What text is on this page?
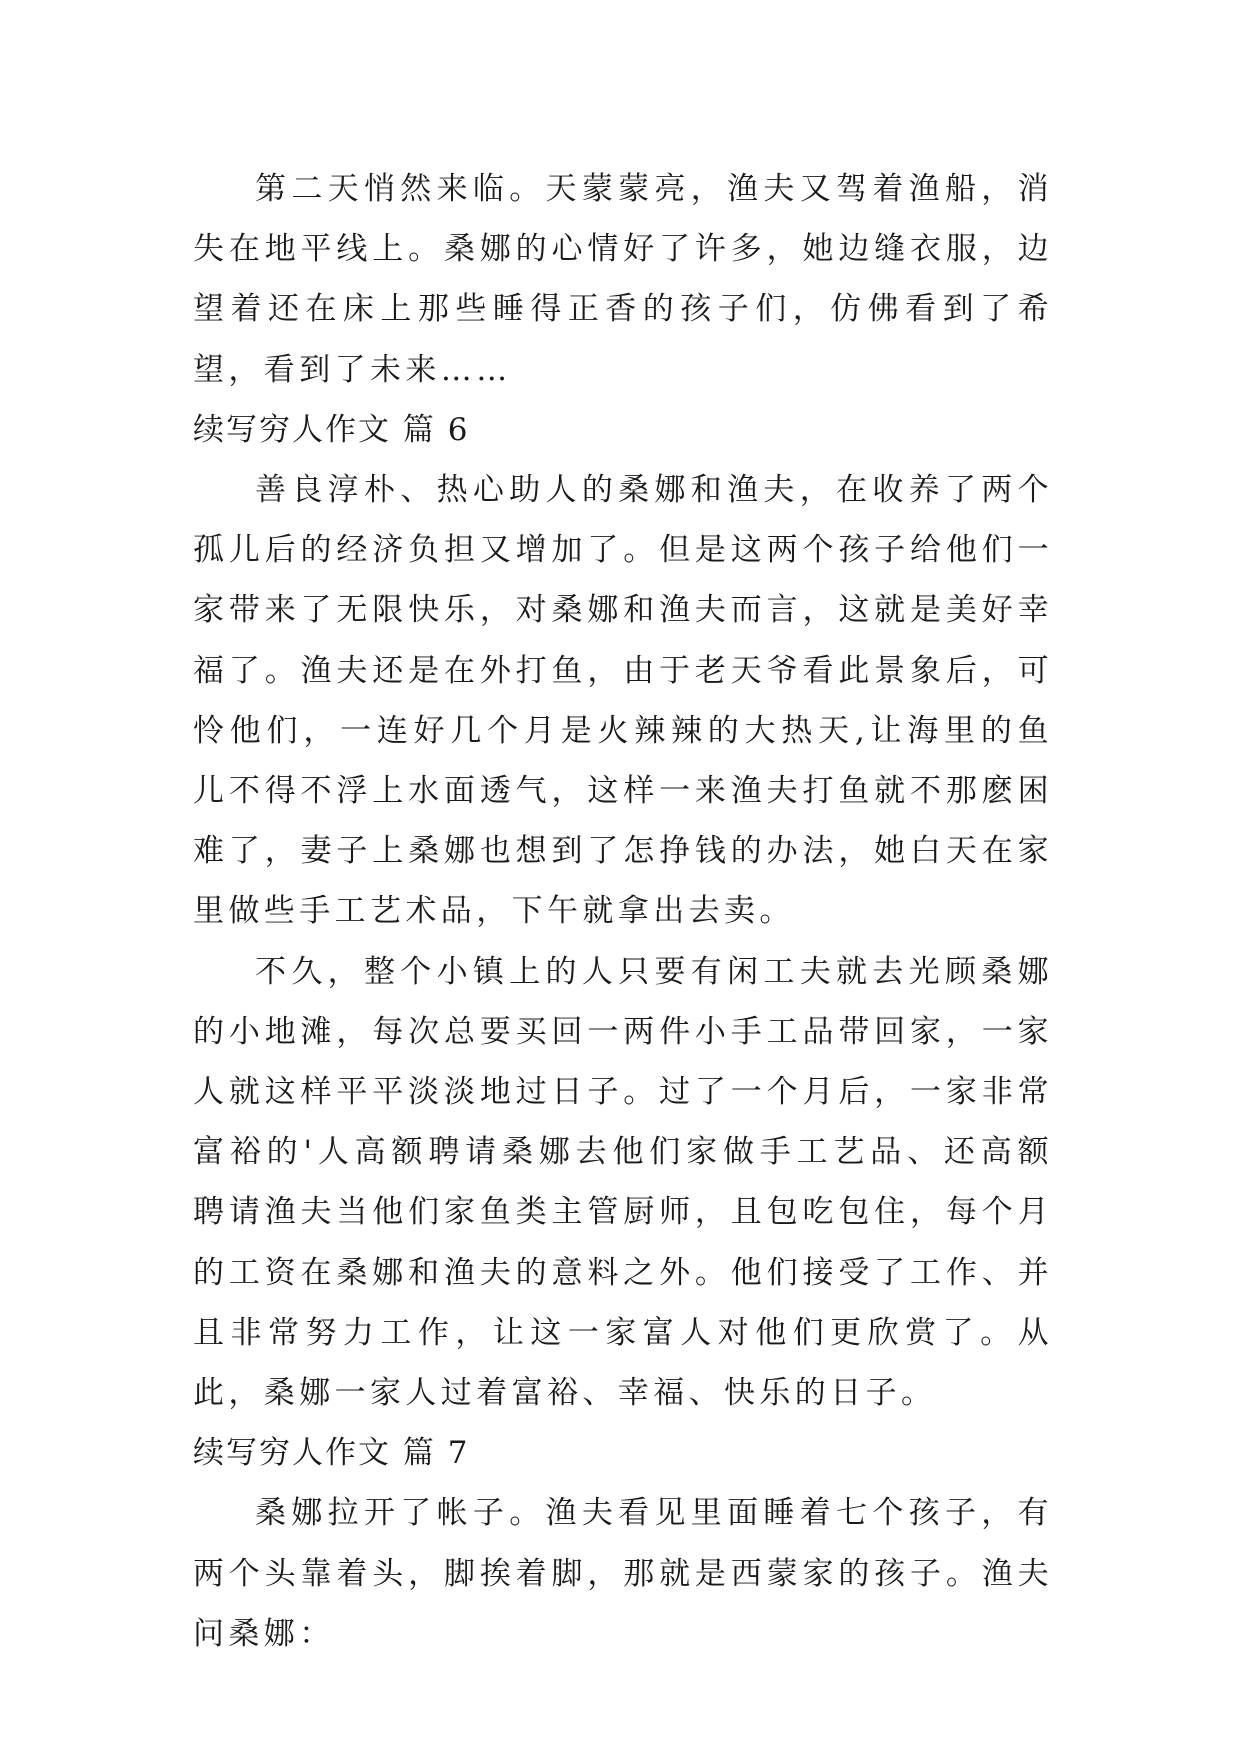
第二天悄然来临。天蒙蒙亮，渔夫又驾着渔船，消失在地平线上。桑娜的心情好了许多，她边缝衣服，边望着还在床上那些睡得正香的孩子们，仿佛看到了希望，看到了未来……

续写穷人作文 篇 6

善良淳朴、热心助人的桑娜和渔夫，在收养了两个孤儿后的经济负担又增加了。但是这两个孩子给他们一家带来了无限快乐，对桑娜和渔夫而言，这就是美好幸福了。渔夫还是在外打鱼，由于老天爷看此景象后，可怜他们，一连好几个月是火辣辣的大热天,让海里的鱼儿不得不浮上水面透气，这样一来渔夫打鱼就不那麽困难了，妻子上桑娜也想到了怎挣钱的办法，她白天在家里做些手工艺术品，下午就拿出去卖。

不久，整个小镇上的人只要有闲工夫就去光顾桑娜的小地滩，每次总要买回一两件小手工品带回家，一家人就这样平平淡淡地过日子。过了一个月后，一家非常富裕的'人高额聘请桑娜去他们家做手工艺品、还高额聘请渔夫当他们家鱼类主管厨师，且包吃包住，每个月的工资在桑娜和渔夫的意料之外。他们接受了工作、并且非常努力工作，让这一家富人对他们更欣赏了。从此，桑娜一家人过着富裕、幸福、快乐的日子。

续写穷人作文 篇 7

桑娜拉开了帐子。渔夫看见里面睡着七个孩子，有两个头靠着头，脚挨着脚，那就是西蒙家的孩子。渔夫问桑娜：
